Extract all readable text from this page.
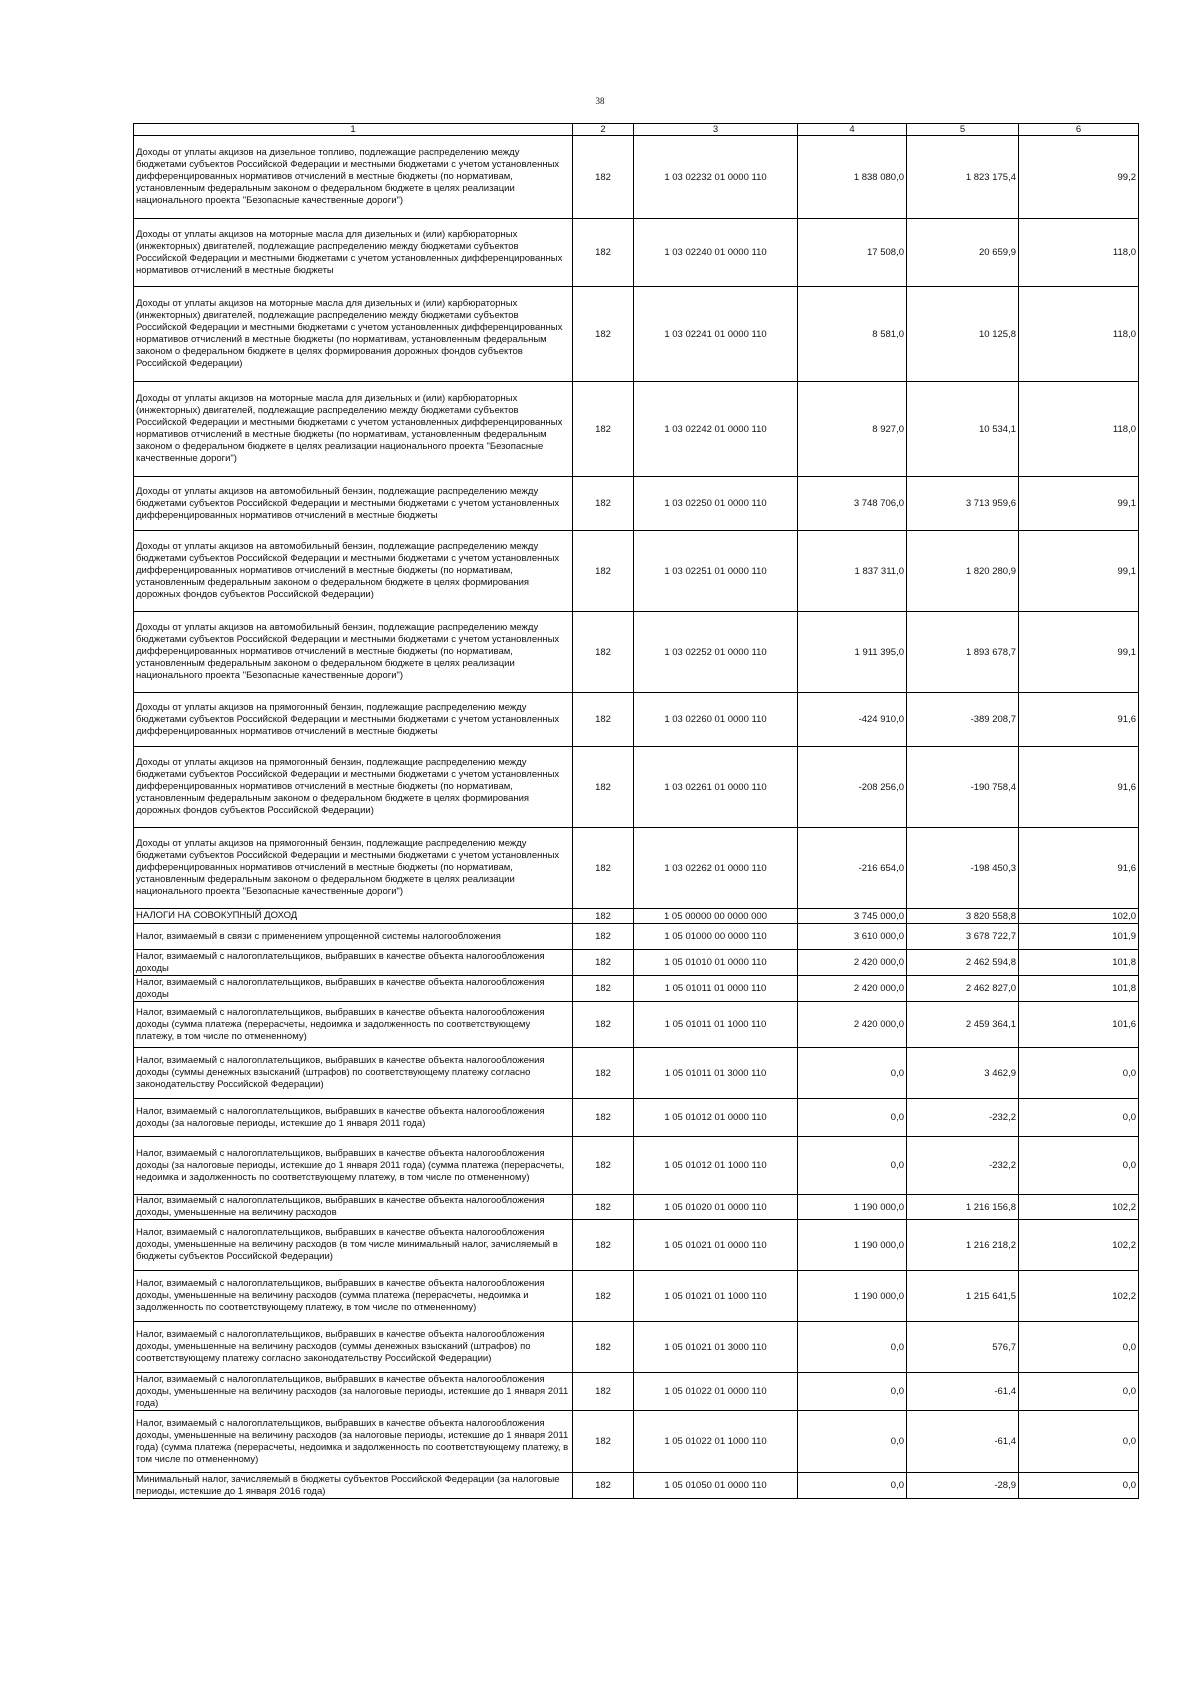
38
1	2	3	4	5	6
Доходы от уплаты акцизов на дизельное топливо, подлежащие распределению между бюджетами субъектов Российской Федерации и местными бюджетами с учетом установленных дифференцированных нормативов отчислений в местные бюджеты (по нормативам, установленным федеральным законом о федеральном бюджете в целях реализации национального проекта "Безопасные качественные дороги")	182	1 03 02232 01 0000 110	1 838 080,0	1 823 175,4	99,2
Доходы от уплаты акцизов на моторные масла для дизельных и (или) карбюраторных (инжекторных) двигателей, подлежащие распределению между бюджетами субъектов Российской Федерации и местными бюджетами с учетом установленных дифференцированных нормативов отчислений в местные бюджеты	182	1 03 02240 01 0000 110	17 508,0	20 659,9	118,0
Доходы от уплаты акцизов на моторные масла для дизельных и (или) карбюраторных (инжекторных) двигателей, подлежащие распределению между бюджетами субъектов Российской Федерации и местными бюджетами с учетом установленных дифференцированных нормативов отчислений в местные бюджеты (по нормативам, установленным федеральным законом о федеральном бюджете в целях формирования дорожных фондов субъектов Российской Федерации)	182	1 03 02241 01 0000 110	8 581,0	10 125,8	118,0
Доходы от уплаты акцизов на моторные масла для дизельных и (или) карбюраторных (инжекторных) двигателей, подлежащие распределению между бюджетами субъектов Российской Федерации и местными бюджетами с учетом установленных дифференцированных нормативов отчислений в местные бюджеты (по нормативам, установленным федеральным законом о федеральном бюджете в целях реализации национального проекта "Безопасные качественные дороги")	182	1 03 02242 01 0000 110	8 927,0	10 534,1	118,0
Доходы от уплаты акцизов на автомобильный бензин, подлежащие распределению между бюджетами субъектов Российской Федерации и местными бюджетами с учетом установленных дифференцированных нормативов отчислений в местные бюджеты	182	1 03 02250 01 0000 110	3 748 706,0	3 713 959,6	99,1
Доходы от уплаты акцизов на автомобильный бензин, подлежащие распределению между бюджетами субъектов Российской Федерации и местными бюджетами с учетом установленных дифференцированных нормативов отчислений в местные бюджеты (по нормативам, установленным федеральным законом о федеральном бюджете в целях формирования дорожных фондов субъектов Российской Федерации)	182	1 03 02251 01 0000 110	1 837 311,0	1 820 280,9	99,1
Доходы от уплаты акцизов на автомобильный бензин, подлежащие распределению между бюджетами субъектов Российской Федерации и местными бюджетами с учетом установленных дифференцированных нормативов отчислений в местные бюджеты (по нормативам, установленным федеральным законом о федеральном бюджете в целях реализации национального проекта "Безопасные качественные дороги")	182	1 03 02252 01 0000 110	1 911 395,0	1 893 678,7	99,1
Доходы от уплаты акцизов на прямогонный бензин, подлежащие распределению между бюджетами субъектов Российской Федерации и местными бюджетами с учетом установленных дифференцированных нормативов отчислений в местные бюджеты	182	1 03 02260 01 0000 110	-424 910,0	-389 208,7	91,6
Доходы от уплаты акцизов на прямогонный бензин, подлежащие распределению между бюджетами субъектов Российской Федерации и местными бюджетами с учетом установленных дифференцированных нормативов отчислений в местные бюджеты (по нормативам, установленным федеральным законом о федеральном бюджете в целях формирования дорожных фондов субъектов Российской Федерации)	182	1 03 02261 01 0000 110	-208 256,0	-190 758,4	91,6
Доходы от уплаты акцизов на прямогонный бензин, подлежащие распределению между бюджетами субъектов Российской Федерации и местными бюджетами с учетом установленных дифференцированных нормативов отчислений в местные бюджеты (по нормативам, установленным федеральным законом о федеральном бюджете в целях реализации национального проекта "Безопасные качественные дороги")	182	1 03 02262 01 0000 110	-216 654,0	-198 450,3	91,6
НАЛОГИ НА СОВОКУПНЫЙ ДОХОД	182	1 05 00000 00 0000 000	3 745 000,0	3 820 558,8	102,0
Налог, взимаемый в связи с применением упрощенной системы налогообложения	182	1 05 01000 00 0000 110	3 610 000,0	3 678 722,7	101,9
Налог, взимаемый с налогоплательщиков, выбравших в качестве объекта налогообложения доходы	182	1 05 01010 01 0000 110	2 420 000,0	2 462 594,8	101,8
Налог, взимаемый с налогоплательщиков, выбравших в качестве объекта налогообложения доходы	182	1 05 01011 01 0000 110	2 420 000,0	2 462 827,0	101,8
Налог, взимаемый с налогоплательщиков, выбравших в качестве объекта налогообложения доходы (сумма платежа (перерасчеты, недоимка и задолженность по соответствующему платежу, в том числе по отмененному)	182	1 05 01011 01 1000 110	2 420 000,0	2 459 364,1	101,6
Налог, взимаемый с налогоплательщиков, выбравших в качестве объекта налогообложения доходы (суммы денежных взысканий (штрафов) по соответствующему платежу согласно законодательству Российской Федерации)	182	1 05 01011 01 3000 110	0,0	3 462,9	0,0
Налог, взимаемый с налогоплательщиков, выбравших в качестве объекта налогообложения доходы (за налоговые периоды, истекшие до 1 января 2011 года)	182	1 05 01012 01 0000 110	0,0	-232,2	0,0
Налог, взимаемый с налогоплательщиков, выбравших в качестве объекта налогообложения доходы (за налоговые периоды, истекшие до 1 января 2011 года) (сумма платежа (перерасчеты, недоимка и задолженность по соответствующему платежу, в том числе по отмененному)	182	1 05 01012 01 1000 110	0,0	-232,2	0,0
Налог, взимаемый с налогоплательщиков, выбравших в качестве объекта налогообложения доходы, уменьшенные на величину расходов	182	1 05 01020 01 0000 110	1 190 000,0	1 216 156,8	102,2
Налог, взимаемый с налогоплательщиков, выбравших в качестве объекта налогообложения доходы, уменьшенные на величину расходов (в том числе минимальный налог, зачисляемый в бюджеты субъектов Российской Федерации)	182	1 05 01021 01 0000 110	1 190 000,0	1 216 218,2	102,2
Налог, взимаемый с налогоплательщиков, выбравших в качестве объекта налогообложения доходы, уменьшенные на величину расходов (сумма платежа (перерасчеты, недоимка и задолженность по соответствующему платежу, в том числе по отмененному)	182	1 05 01021 01 1000 110	1 190 000,0	1 215 641,5	102,2
Налог, взимаемый с налогоплательщиков, выбравших в качестве объекта налогообложения доходы, уменьшенные на величину расходов (суммы денежных взысканий (штрафов) по соответствующему платежу согласно законодательству Российской Федерации)	182	1 05 01021 01 3000 110	0,0	576,7	0,0
Налог, взимаемый с налогоплательщиков, выбравших в качестве объекта налогообложения доходы, уменьшенные на величину расходов (за налоговые периоды, истекшие до 1 января 2011 года)	182	1 05 01022 01 0000 110	0,0	-61,4	0,0
Налог, взимаемый с налогоплательщиков, выбравших в качестве объекта налогообложения доходы, уменьшенные на величину расходов (за налоговые периоды, истекшие до 1 января 2011 года) (сумма платежа (перерасчеты, недоимка и задолженность по соответствующему платежу, в том числе по отмененному)	182	1 05 01022 01 1000 110	0,0	-61,4	0,0
Минимальный налог, зачисляемый в бюджеты субъектов Российской Федерации (за налоговые периоды, истекшие до 1 января 2016 года)	182	1 05 01050 01 0000 110	0,0	-28,9	0,0
